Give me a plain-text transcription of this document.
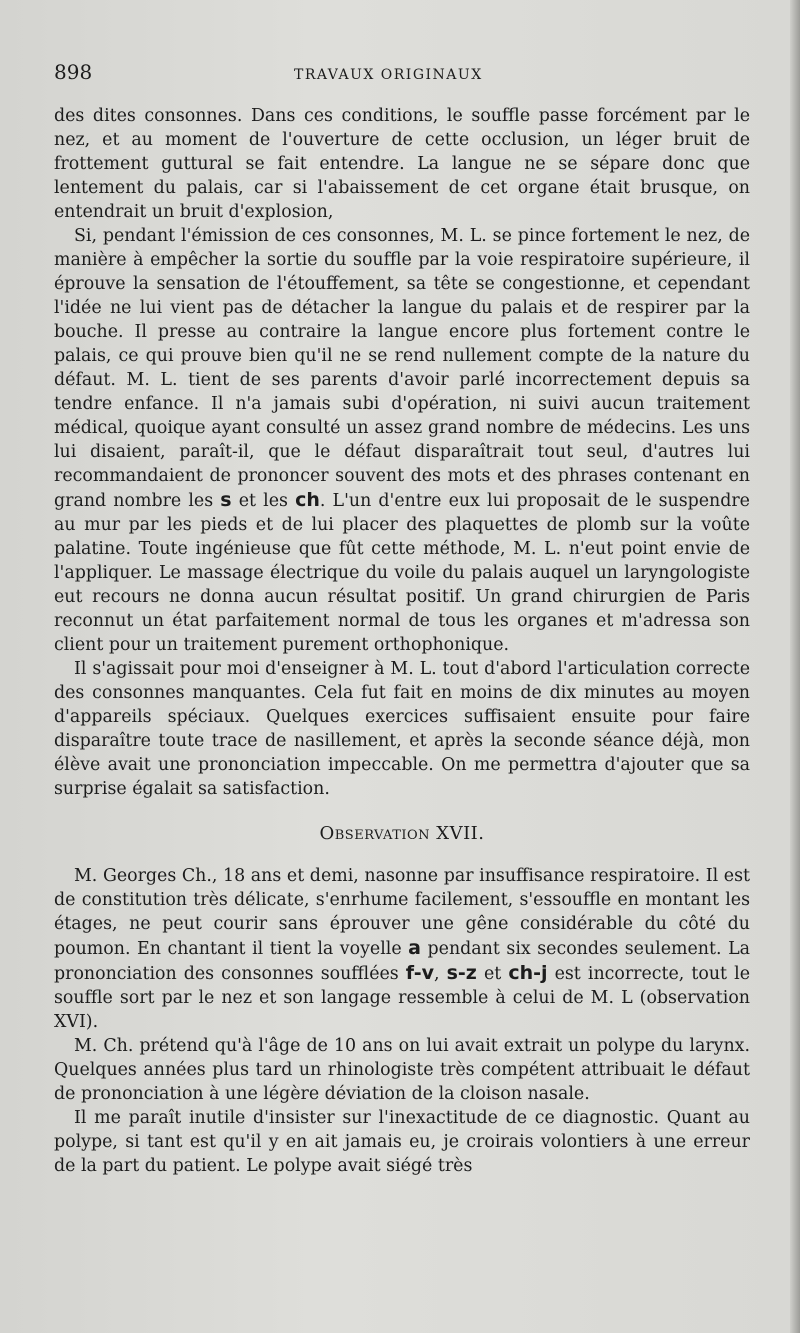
898	TRAVAUX ORIGINAUX

des dites consonnes. Dans ces conditions, le souffle passe forcément par le nez, et au moment de l'ouverture de cette occlusion, un léger bruit de frottement guttural se fait entendre. La langue ne se sépare donc que lentement du palais, car si l'abaissement de cet organe était brusque, on entendrait un bruit d'explosion,

Si, pendant l'émission de ces consonnes, M. L. se pince fortement le nez, de manière à empêcher la sortie du souffle par la voie respiratoire supérieure, il éprouve la sensation de l'étouffement, sa tête se congestionne, et cependant l'idée ne lui vient pas de détacher la langue du palais et de respirer par la bouche. Il presse au contraire la langue encore plus fortement contre le palais, ce qui prouve bien qu'il ne se rend nullement compte de la nature du défaut. M. L. tient de ses parents d'avoir parlé incorrectement depuis sa tendre enfance. Il n'a jamais subi d'opération, ni suivi aucun traitement médical, quoique ayant consulté un assez grand nombre de médecins. Les uns lui disaient, paraît-il, que le défaut disparaîtrait tout seul, d'autres lui recommandaient de prononcer souvent des mots et des phrases contenant en grand nombre les s et les ch. L'un d'entre eux lui proposait de le suspendre au mur par les pieds et de lui placer des plaquettes de plomb sur la voûte palatine. Toute ingénieuse que fût cette méthode, M. L. n'eut point envie de l'appliquer. Le massage électrique du voile du palais auquel un laryngologiste eut recours ne donna aucun résultat positif. Un grand chirurgien de Paris reconnut un état parfaitement normal de tous les organes et m'adressa son client pour un traitement purement orthophonique.

Il s'agissait pour moi d'enseigner à M. L. tout d'abord l'articulation correcte des consonnes manquantes. Cela fut fait en moins de dix minutes au moyen d'appareils spéciaux. Quelques exercices suffisaient ensuite pour faire disparaître toute trace de nasillement, et après la seconde séance déjà, mon élève avait une prononciation impeccable. On me permettra d'ajouter que sa surprise égalait sa satisfaction.

Observation XVII.

M. Georges Ch., 18 ans et demi, nasonne par insuffisance respiratoire. Il est de constitution très délicate, s'enrhume facilement, s'essouffle en montant les étages, ne peut courir sans éprouver une gêne considérable du côté du poumon. En chantant il tient la voyelle a pendant six secondes seulement. La prononciation des consonnes soufflées f-v, s-z et ch-j est incorrecte, tout le souffle sort par le nez et son langage ressemble à celui de M. L (observation XVI).

M. Ch. prétend qu'à l'âge de 10 ans on lui avait extrait un polype du larynx. Quelques années plus tard un rhinologiste très compétent attribuait le défaut de prononciation à une légère déviation de la cloison nasale.

Il me paraît inutile d'insister sur l'inexactitude de ce diagnostic. Quant au polype, si tant est qu'il y en ait jamais eu, je croirais volontiers à une erreur de la part du patient. Le polype avait siégé très
